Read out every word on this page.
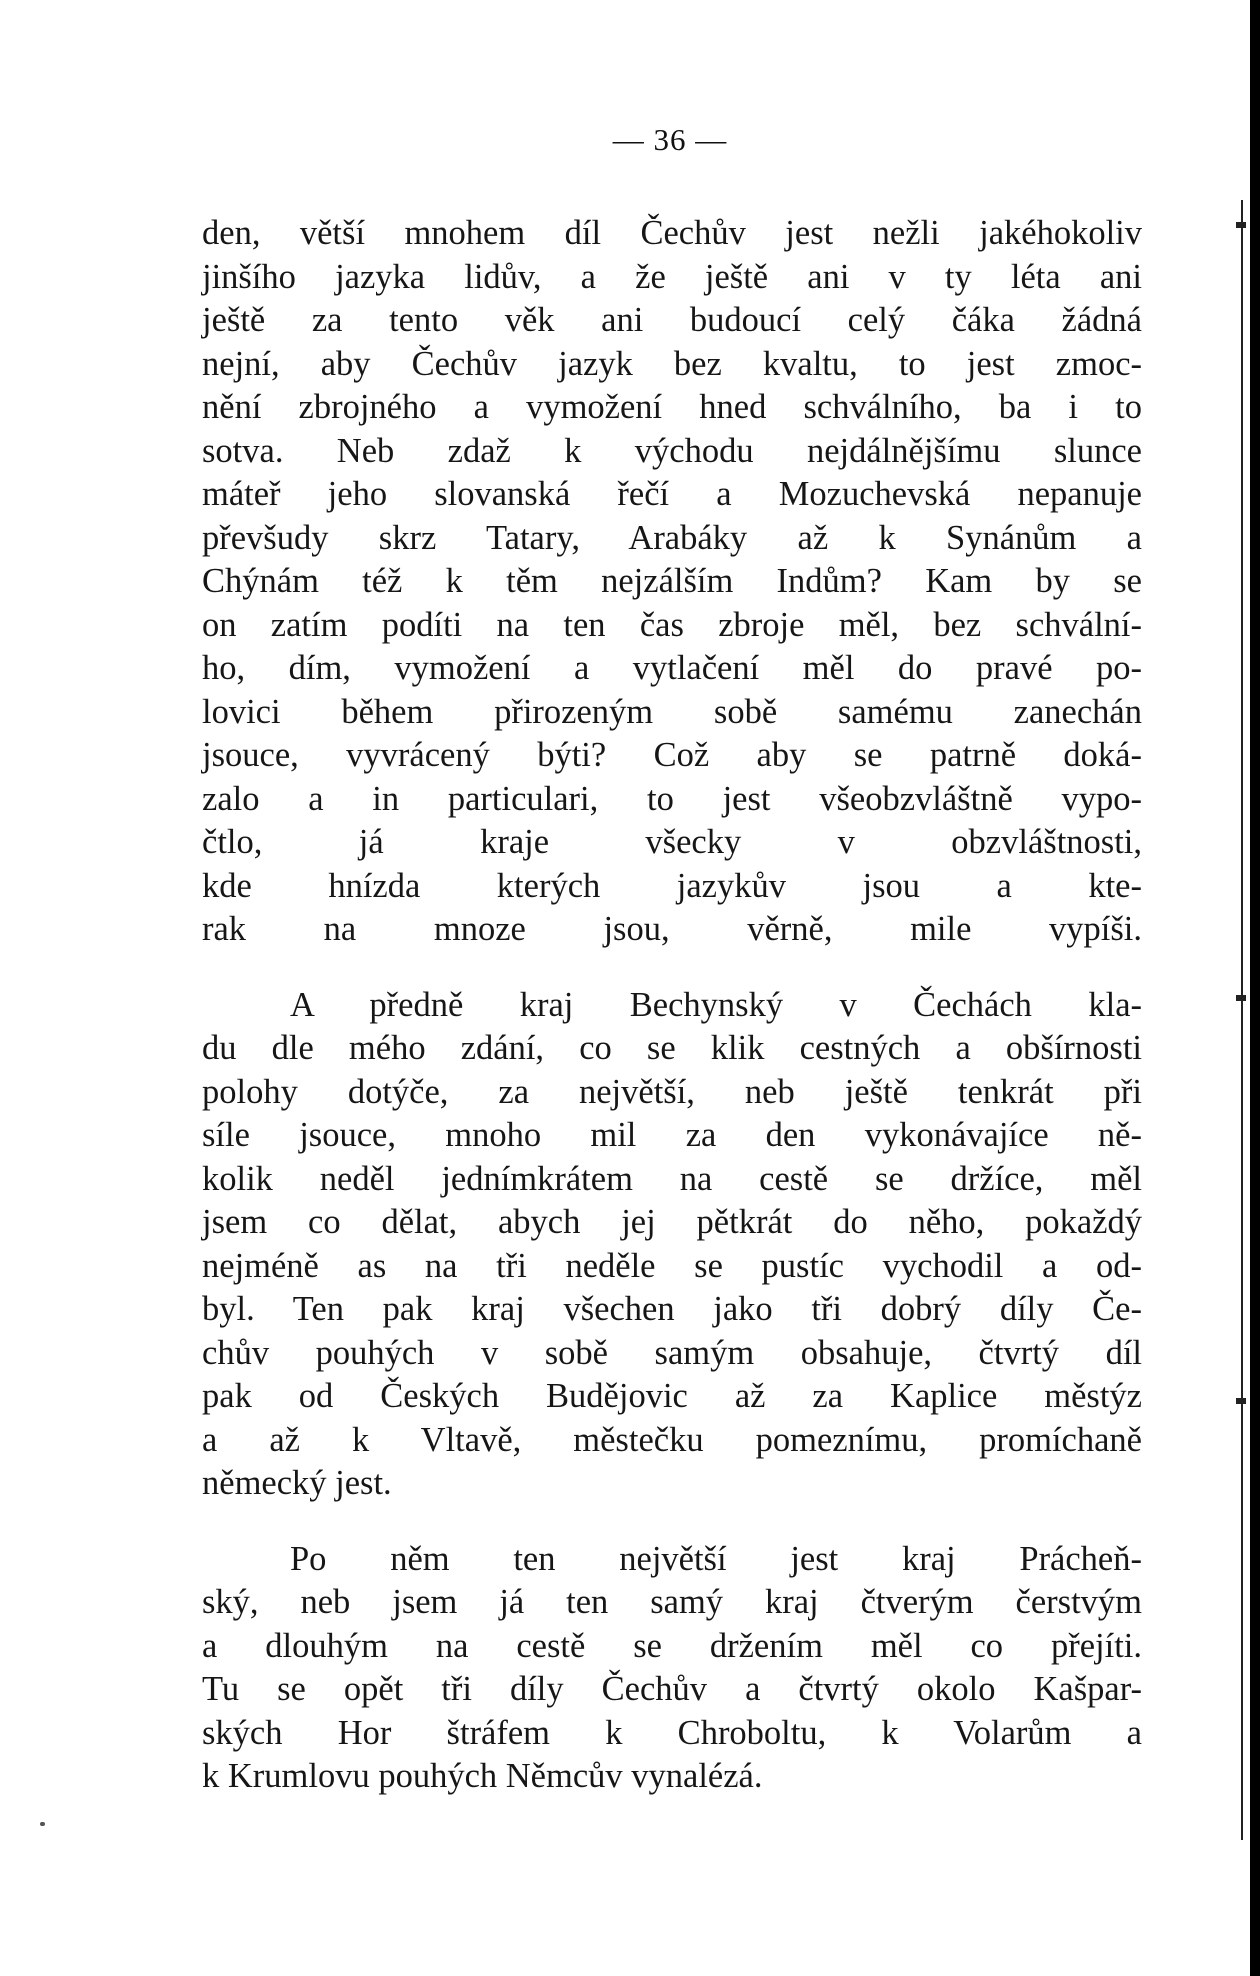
— 36 —
den, větší mnohem díl Čechův jest nežli jakéhokoliv
jinšího jazyka lidův, a že ještě ani v ty léta ani
ještě za tento věk ani budoucí celý čáka žádná
nejní, aby Čechův jazyk bez kvaltu, to jest zmoc-
nění zbrojného a vymožení hned schválního, ba i to
sotva. Neb zdaž k východu nejdálnějšímu slunce
máteř jeho slovanská řečí a Mozuchevská nepanuje
převšudy skrz Tatary, Arabáky až k Synánům a
Chýnám též k těm nejzálším Indům? Kam by se
on zatím podíti na ten čas zbroje měl, bez schvální-
ho, dím, vymožení a vytlačení měl do pravé po-
lovici během přirozeným sobě samému zanechán
jsouce, vyvrácený býti? Což aby se patrně doká-
zalo a in particulari, to jest všeobzvláštně vypo-
čtlo, já kraje všecky v obzvláštnosti,
kde hnízda kterých jazykův jsou a kte-
rak na mnoze jsou, věrně, mile vypíši.
A předně kraj Bechynský v Čechách kla-
du dle mého zdání, co se klik cestných a obšírnosti
polohy dotýče, za největší, neb ještě tenkrát při
síle jsouce, mnoho mil za den vykonávajíce ně-
kolik neděl jednímkrátem na cestě se držíce, měl
jsem co dělat, abych jej pětkrát do něho, pokaždý
nejméně as na tři neděle se pustíc vychodil a od-
byl. Ten pak kraj všechen jako tři dobrý díly Če-
chův pouhých v sobě samým obsahuje, čtvrtý díl
pak od Českých Budějovic až za Kaplice městýz
a až k Vltavě, městečku pomeznímu, promíchaně
německý jest.
Po něm ten největší jest kraj Prácheň-
ský, neb jsem já ten samý kraj čtverým čerstvým
a dlouhým na cestě se držením měl co přejíti.
Tu se opět tři díly Čechův a čtvrtý okolo Kašpar-
ských Hor štráfem k Chroboltu, k Volarům a
k Krumlovu pouhých Němcův vynalézá.
